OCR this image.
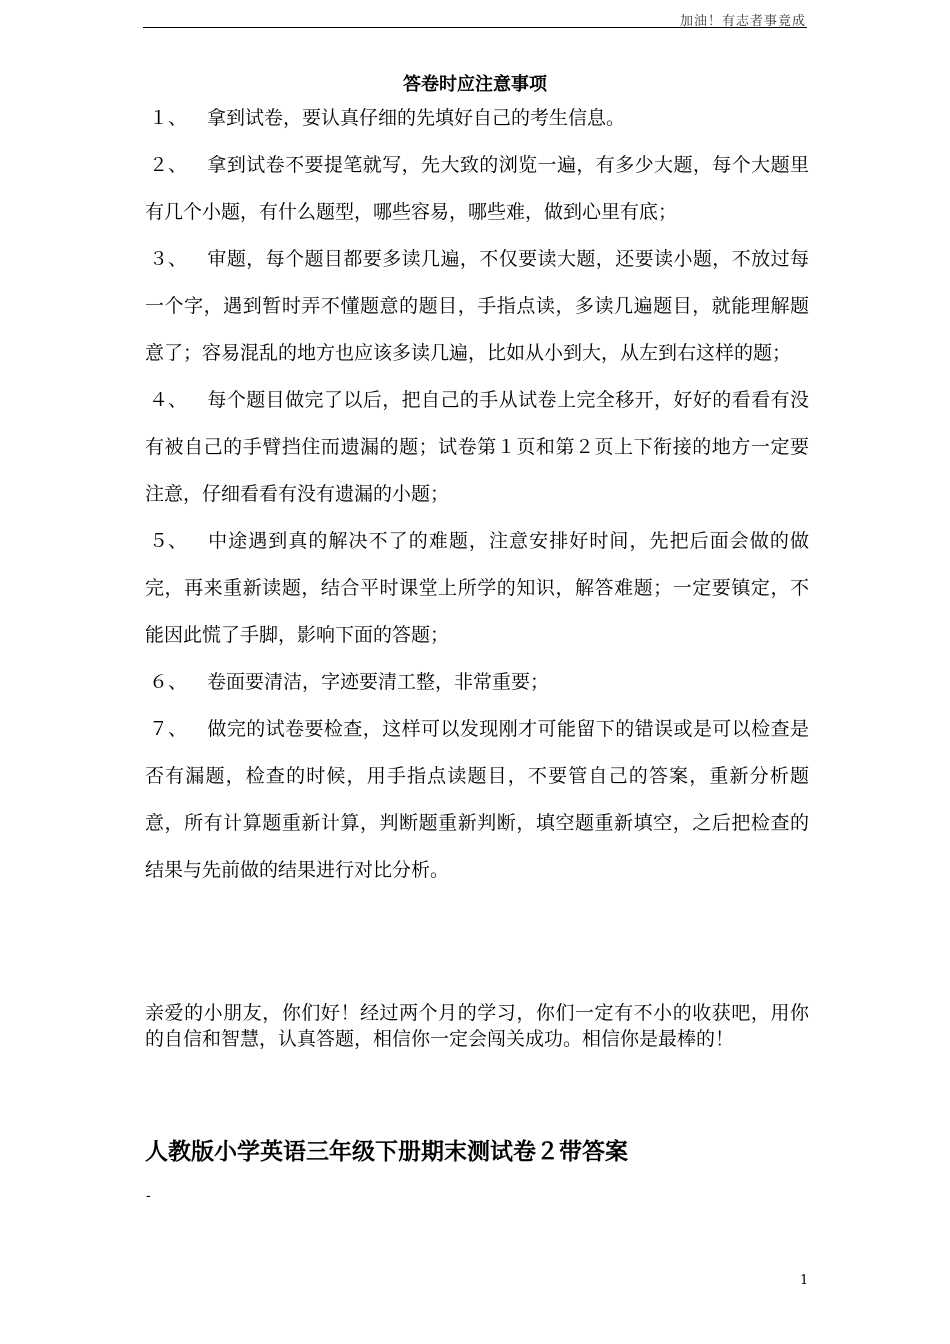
加油！有志者事竟成
答卷时应注意事项

１、 拿到试卷，要认真仔细的先填好自己的考生信息。

２、 拿到试卷不要提笔就写，先大致的浏览一遍，有多少大题，每个大题里有几个小题，有什么题型，哪些容易，哪些难，做到心里有底；

３、 审题，每个题目都要多读几遍，不仅要读大题，还要读小题，不放过每一个字，遇到暂时弄不懂题意的题目，手指点读，多读几遍题目，就能理解题意了；容易混乱的地方也应该多读几遍，比如从小到大，从左到右这样的题；

４、 每个题目做完了以后，把自己的手从试卷上完全移开，好好的看看有没有被自己的手臂挡住而遗漏的题；试卷第１页和第２页上下衔接的地方一定要注意，仔细看看有没有遗漏的小题；

５、 中途遇到真的解决不了的难题，注意安排好时间，先把后面会做的做完，再来重新读题，结合平时课堂上所学的知识，解答难题；一定要镇定，不能因此慌了手脚，影响下面的答题；

６、 卷面要清洁，字迹要清工整，非常重要；

７、 做完的试卷要检查，这样可以发现刚才可能留下的错误或是可以检查是否有漏题，检查的时候，用手指点读题目，不要管自己的答案，重新分析题意，所有计算题重新计算，判断题重新判断，填空题重新填空，之后把检查的结果与先前做的结果进行对比分析。

亲爱的小朋友，你们好！经过两个月的学习，你们一定有不小的收获吧，用你的自信和智慧，认真答题，相信你一定会闯关成功。相信你是最棒的！
人教版小学英语三年级下册期末测试卷２带答案
-
1
